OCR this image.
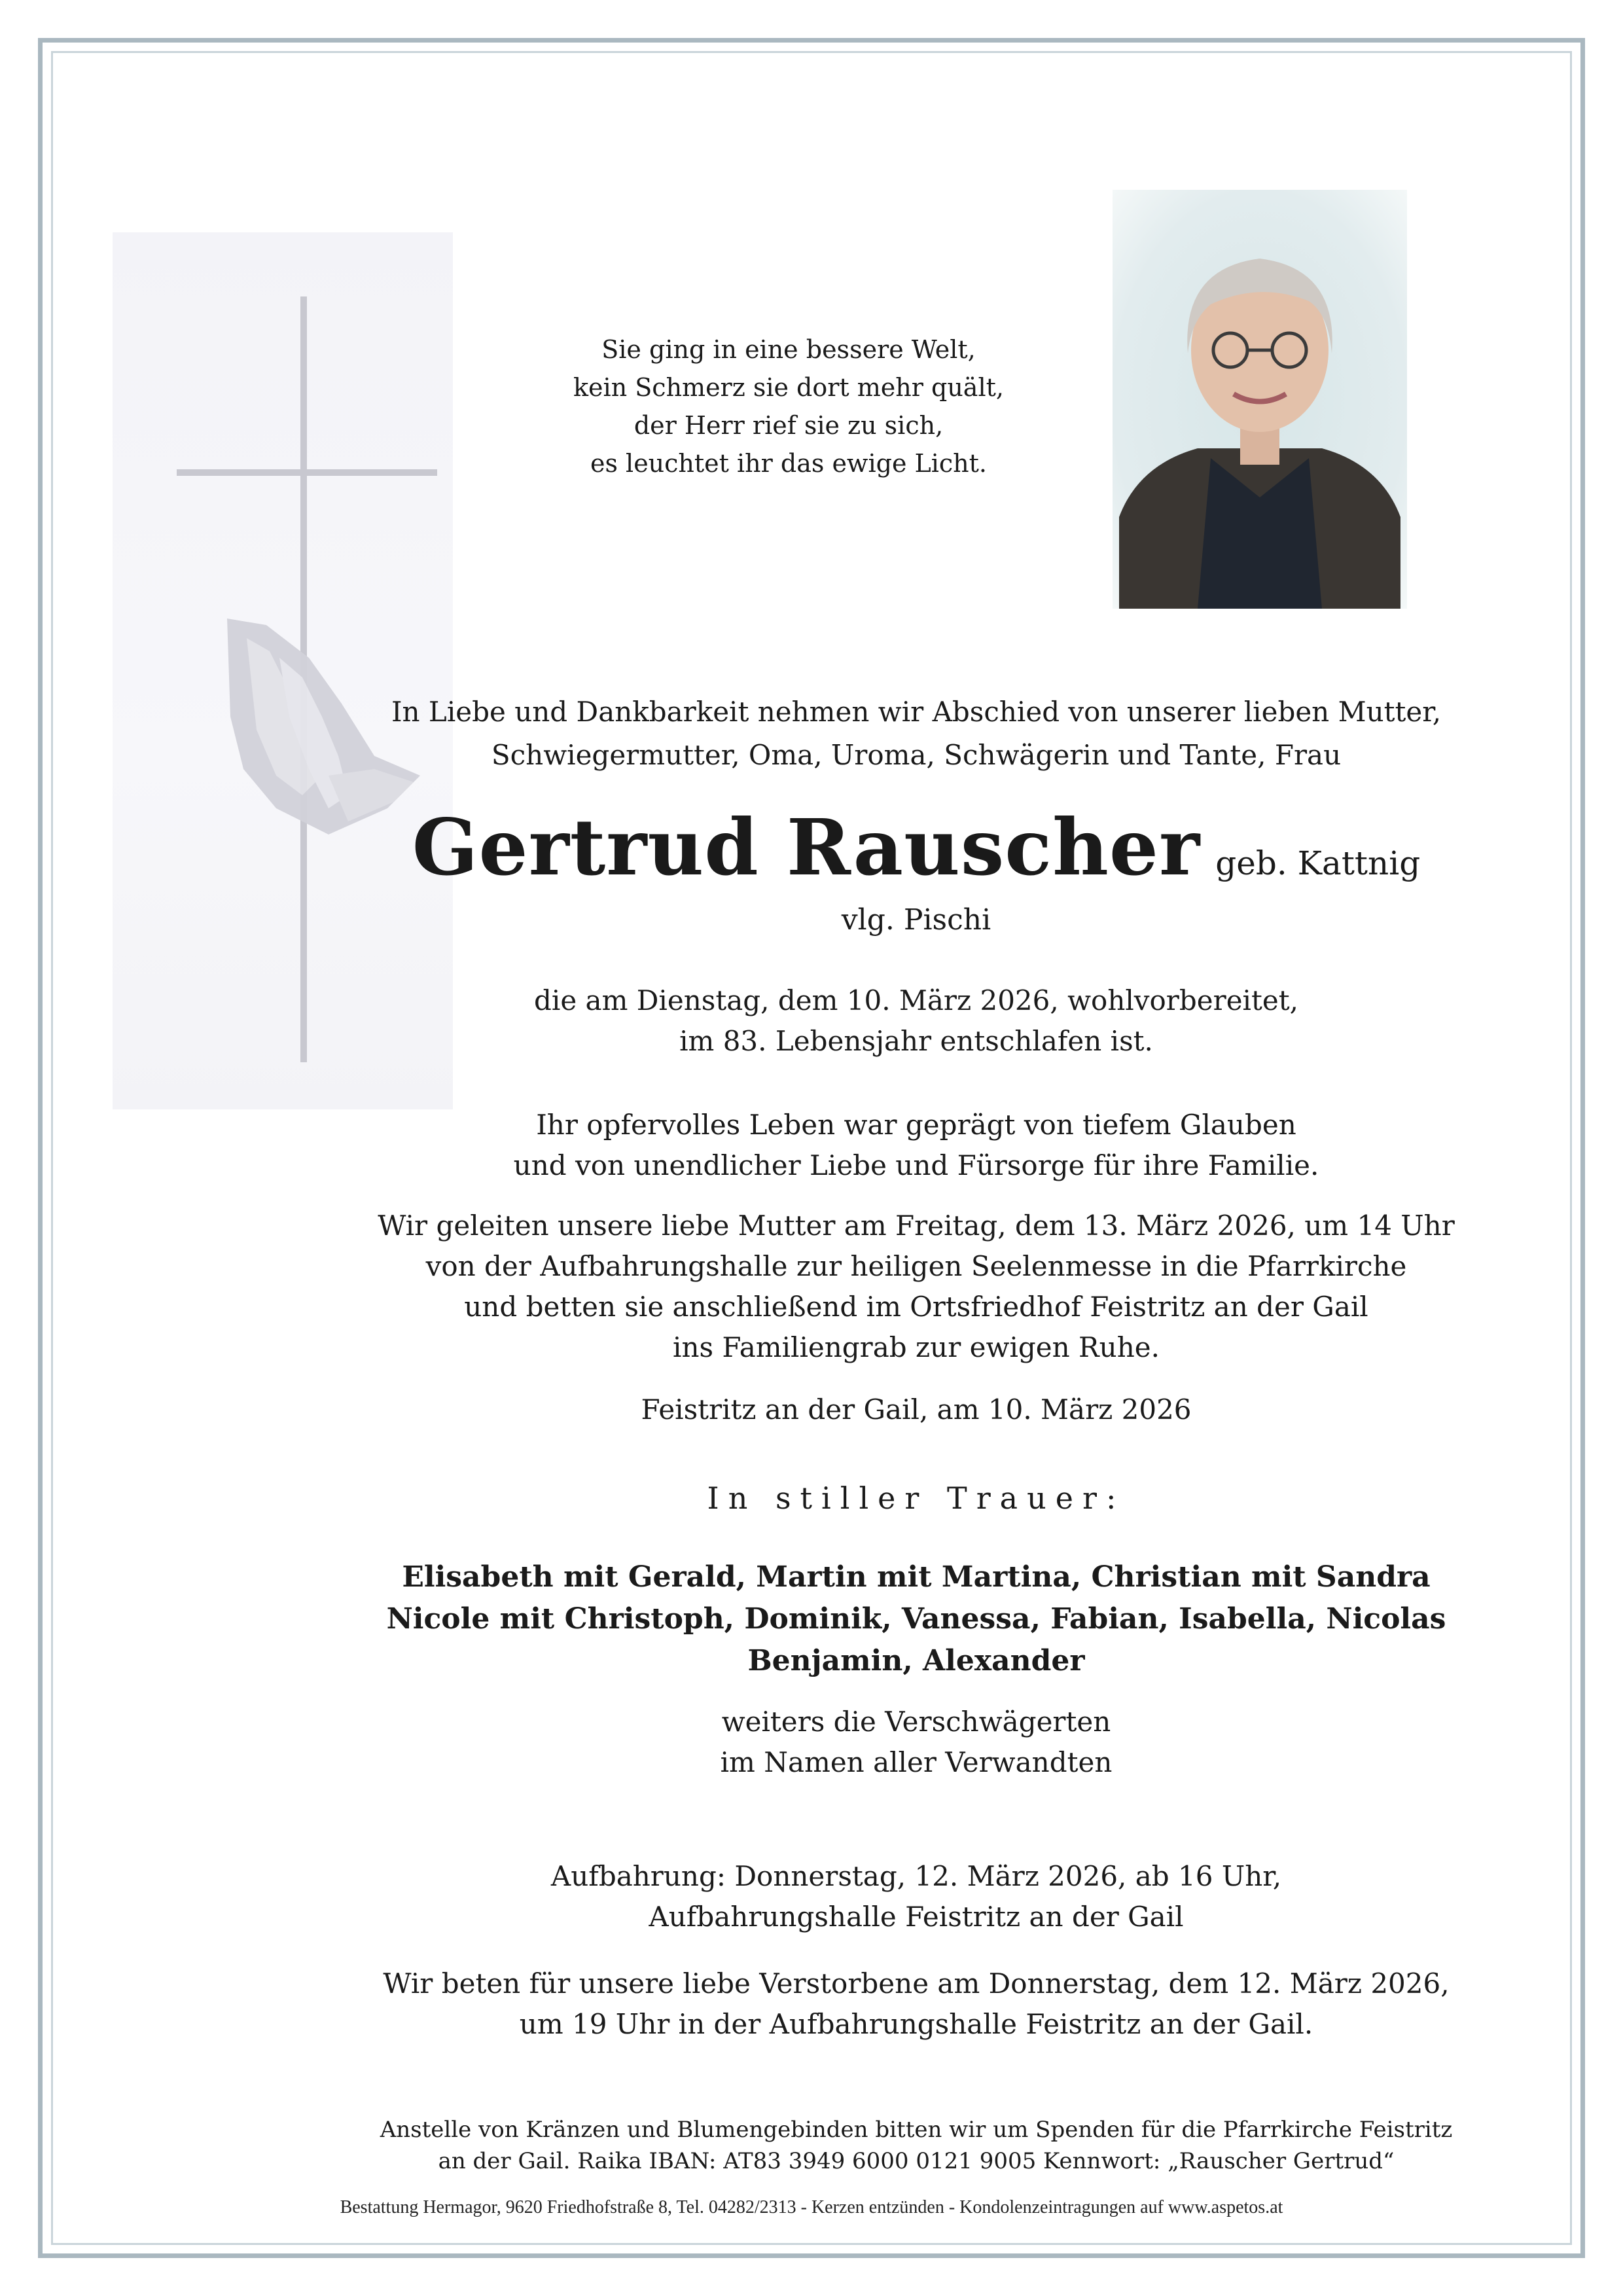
Sie ging in eine bessere Welt,
kein Schmerz sie dort mehr quält,
der Herr rief sie zu sich,
es leuchtet ihr das ewige Licht.
In Liebe und Dankbarkeit nehmen wir Abschied von unserer lieben Mutter,
Schwiegermutter, Oma, Uroma, Schwägerin und Tante, Frau
Gertrud Rauscher geb. Kattnig
vlg. Pischi
die am Dienstag, dem 10. März 2026, wohlvorbereitet,
im 83. Lebensjahr entschlafen ist.
Ihr opfervolles Leben war geprägt von tiefem Glauben
und von unendlicher Liebe und Fürsorge für ihre Familie.
Wir geleiten unsere liebe Mutter am Freitag, dem 13. März 2026, um 14 Uhr
von der Aufbahrungshalle zur heiligen Seelenmesse in die Pfarrkirche
und betten sie anschließend im Ortsfriedhof Feistritz an der Gail
ins Familiengrab zur ewigen Ruhe.
Feistritz an der Gail, am 10. März 2026
In stiller Trauer:
Elisabeth mit Gerald, Martin mit Martina, Christian mit Sandra
Nicole mit Christoph, Dominik, Vanessa, Fabian, Isabella, Nicolas
Benjamin, Alexander
weiters die Verschwägerten
im Namen aller Verwandten
Aufbahrung: Donnerstag, 12. März 2026, ab 16 Uhr,
Aufbahrungshalle Feistritz an der Gail
Wir beten für unsere liebe Verstorbene am Donnerstag, dem 12. März 2026,
um 19 Uhr in der Aufbahrungshalle Feistritz an der Gail.
Anstelle von Kränzen und Blumengebinden bitten wir um Spenden für die Pfarrkirche Feistritz
an der Gail. Raika IBAN: AT83 3949 6000 0121 9005 Kennwort: „Rauscher Gertrud“
Bestattung Hermagor, 9620 Friedhofstraße 8, Tel. 04282/2313 - Kerzen entzünden - Kondolenzeintragungen auf www.aspetos.at
